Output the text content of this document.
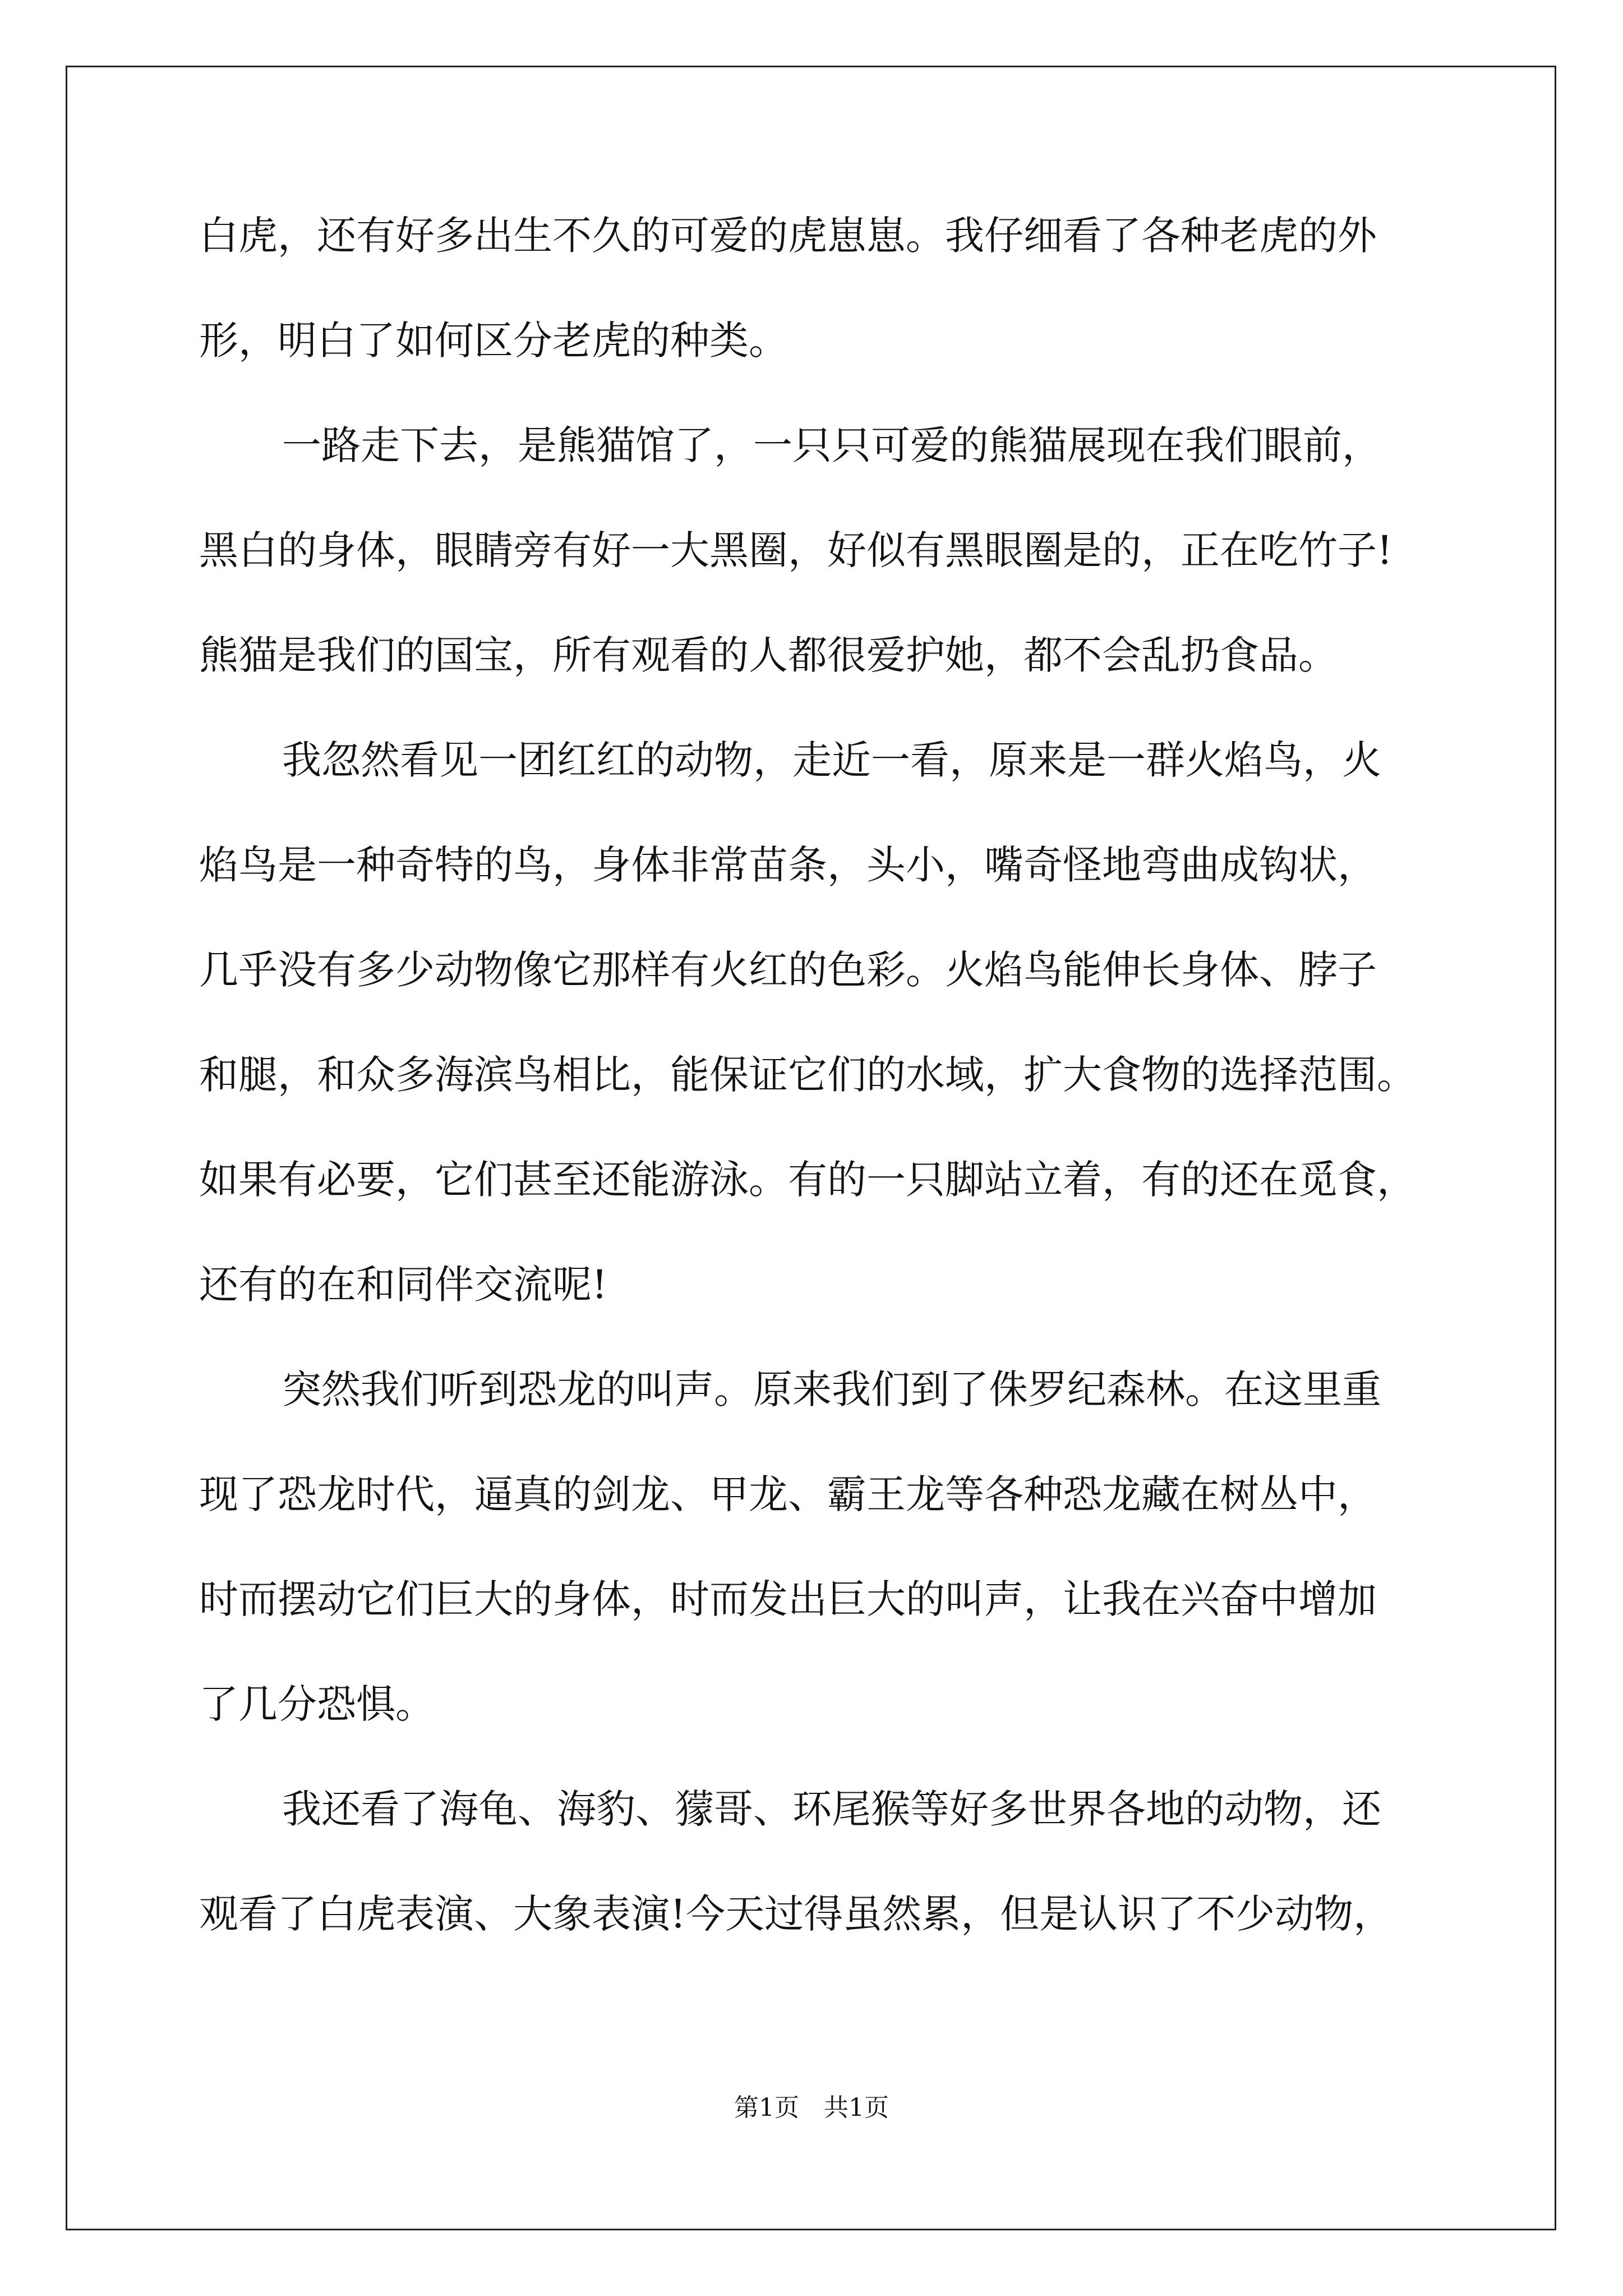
白虎，还有好多出生不久的可爱的虎崽崽。我仔细看了各种老虎的外
形，明白了如何区分老虎的种类。
一路走下去，是熊猫馆了，一只只可爱的熊猫展现在我们眼前，
黑白的身体，眼睛旁有好一大黑圈，好似有黑眼圈是的，正在吃竹子!
熊猫是我们的国宝，所有观看的人都很爱护她，都不会乱扔食品。
我忽然看见一团红红的动物，走近一看，原来是一群火焰鸟，火
焰鸟是一种奇特的鸟，身体非常苗条，头小，嘴奇怪地弯曲成钩状，
几乎没有多少动物像它那样有火红的色彩。火焰鸟能伸长身体、脖子
和腿，和众多海滨鸟相比，能保证它们的水域，扩大食物的选择范围。
如果有必要，它们甚至还能游泳。有的一只脚站立着，有的还在觅食，
还有的在和同伴交流呢!
突然我们听到恐龙的叫声。原来我们到了侏罗纪森林。在这里重
现了恐龙时代，逼真的剑龙、甲龙、霸王龙等各种恐龙藏在树丛中，
时而摆动它们巨大的身体，时而发出巨大的叫声，让我在兴奋中增加
了几分恐惧。
我还看了海龟、海豹、獴哥、环尾猴等好多世界各地的动物，还
观看了白虎表演、大象表演!今天过得虽然累，但是认识了不少动物，
第1页　共1页
